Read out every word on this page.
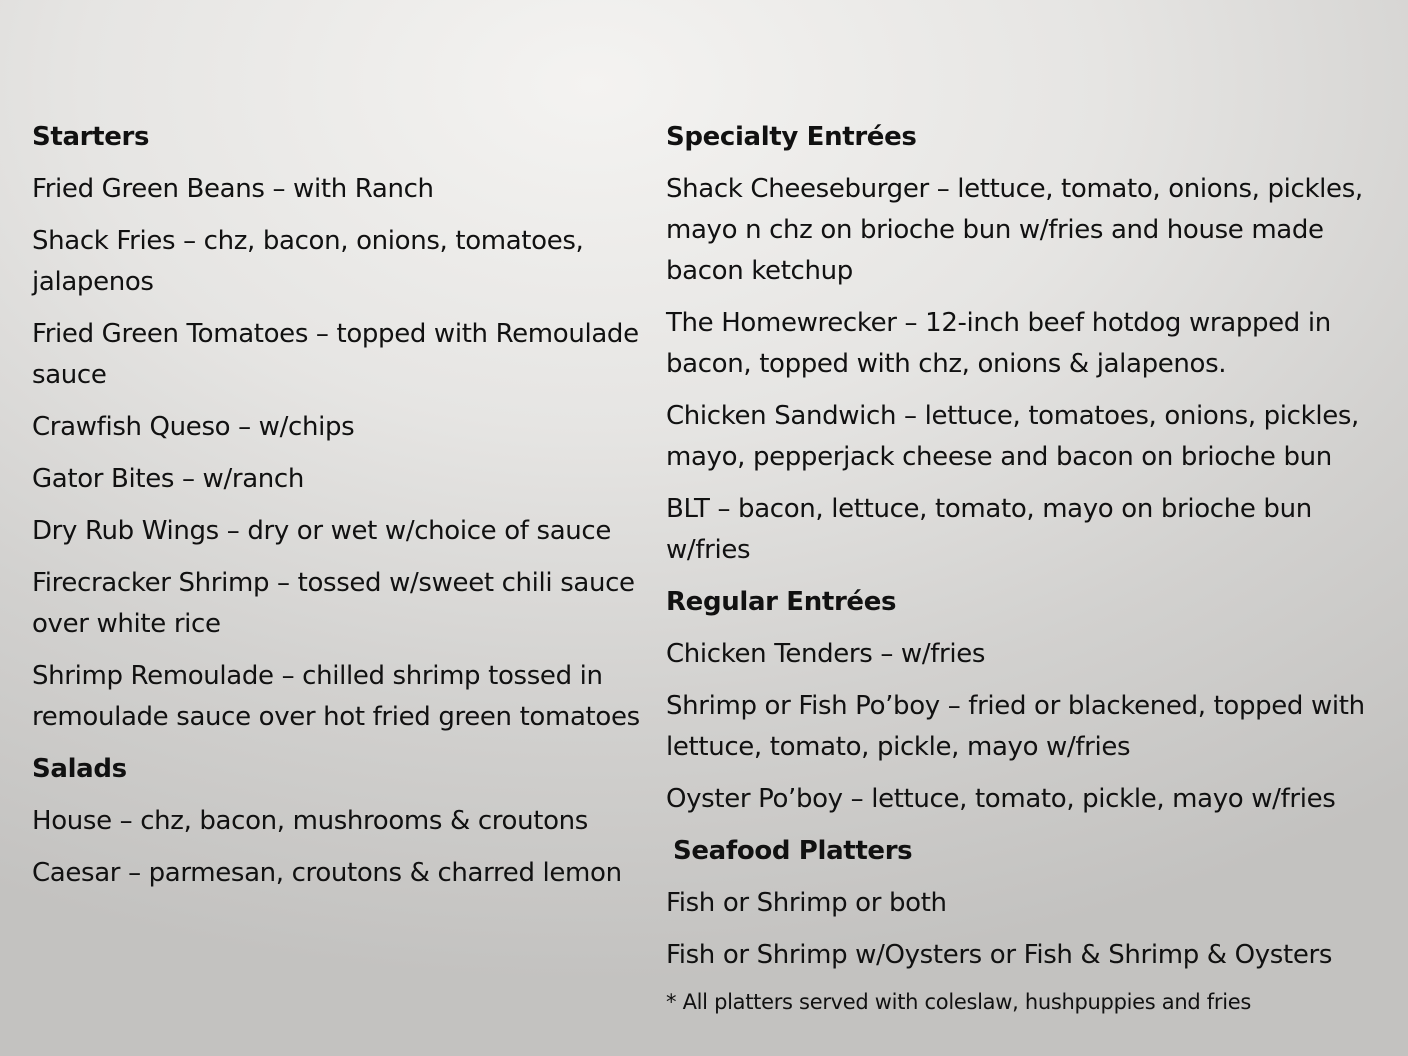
Starters
Fried Green Beans – with Ranch
Shack Fries – chz, bacon, onions, tomatoes, jalapenos
Fried Green Tomatoes – topped with Remoulade sauce
Crawfish Queso – w/chips
Gator Bites – w/ranch
Dry Rub Wings – dry or wet w/choice of sauce
Firecracker Shrimp – tossed w/sweet chili sauce over white rice
Shrimp Remoulade – chilled shrimp tossed in remoulade sauce over hot fried green tomatoes
Salads
House – chz, bacon, mushrooms & croutons
Caesar – parmesan, croutons & charred lemon
Specialty Entrées
Shack Cheeseburger – lettuce, tomato, onions, pickles, mayo n chz on brioche bun w/fries and house made bacon ketchup
The Homewrecker – 12-inch beef hotdog wrapped in bacon, topped with chz, onions & jalapenos.
Chicken Sandwich – lettuce, tomatoes, onions, pickles, mayo, pepperjack cheese and bacon on brioche bun
BLT – bacon, lettuce, tomato, mayo on brioche bun w/fries
Regular Entrées
Chicken Tenders – w/fries
Shrimp or Fish Po’boy – fried or blackened, topped with lettuce, tomato, pickle, mayo w/fries
Oyster Po’boy – lettuce, tomato, pickle, mayo w/fries
Seafood Platters
Fish or Shrimp or both
Fish or Shrimp w/Oysters or Fish & Shrimp & Oysters
* All platters served with coleslaw, hushpuppies and fries
